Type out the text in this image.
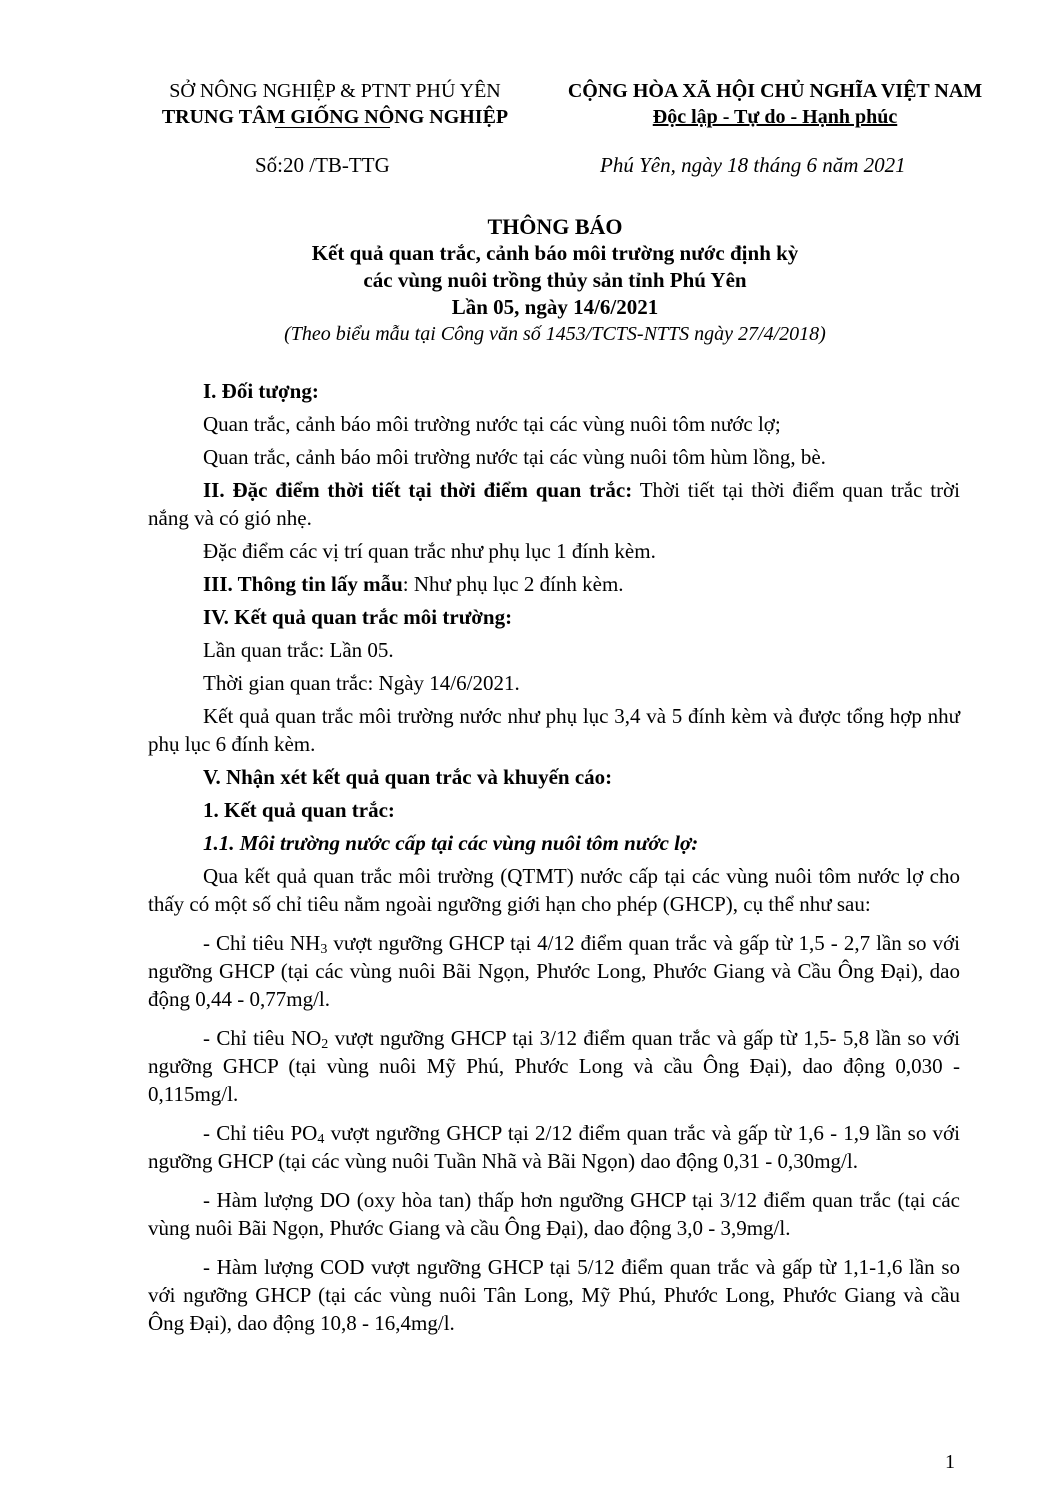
SỞ NÔNG NGHIỆP & PTNT PHÚ YÊN
TRUNG TÂM GIỐNG NÔNG NGHIỆP
CỘNG HÒA XÃ HỘI CHỦ NGHĨA VIỆT NAM
Độc lập - Tự do - Hạnh phúc
Số:20 /TB-TTG	Phú Yên, ngày 18 tháng 6 năm 2021
THÔNG BÁO
Kết quả quan trắc, cảnh báo môi trường nước định kỳ
các vùng nuôi trồng thủy sản tỉnh Phú Yên
Lần 05, ngày 14/6/2021
(Theo biểu mẫu tại Công văn số 1453/TCTS-NTTS ngày 27/4/2018)

I. Đối tượng:

Quan trắc, cảnh báo môi trường nước tại các vùng nuôi tôm nước lợ;

Quan trắc, cảnh báo môi trường nước tại các vùng nuôi tôm hùm lồng, bè.

II. Đặc điểm thời tiết tại thời điểm quan trắc: Thời tiết tại thời điểm quan trắc trời nắng và có gió nhẹ.

Đặc điểm các vị trí quan trắc như phụ lục 1 đính kèm.

III. Thông tin lấy mẫu: Như phụ lục 2 đính kèm.

IV. Kết quả quan trắc môi trường:

Lần quan trắc: Lần 05.

Thời gian quan trắc: Ngày 14/6/2021.

Kết quả quan trắc môi trường nước như phụ lục 3,4 và 5 đính kèm và được tổng hợp như phụ lục 6 đính kèm.

V. Nhận xét kết quả quan trắc và khuyến cáo:

1. Kết quả quan trắc:

1.1. Môi trường nước cấp tại các vùng nuôi tôm nước lợ:

Qua kết quả quan trắc môi trường (QTMT) nước cấp tại các vùng nuôi tôm nước lợ cho thấy có một số chỉ tiêu nằm ngoài ngưỡng giới hạn cho phép (GHCP), cụ thể như sau:

- Chỉ tiêu $NH_3$ vượt ngưỡng GHCP tại 4/12 điểm quan trắc và gấp từ 1,5 - 2,7 lần so với ngưỡng GHCP (tại các vùng nuôi Bãi Ngọn, Phước Long, Phước Giang và Cầu Ông Đại), dao động 0,44 - 0,77mg/l.

- Chỉ tiêu $NO_2$ vượt ngưỡng GHCP tại 3/12 điểm quan trắc và gấp từ 1,5- 5,8 lần so với ngưỡng GHCP (tại vùng nuôi Mỹ Phú, Phước Long và cầu Ông Đại), dao động 0,030 - 0,115mg/l.

- Chỉ tiêu $PO_4$ vượt ngưỡng GHCP tại 2/12 điểm quan trắc và gấp từ 1,6 - 1,9 lần so với ngưỡng GHCP (tại các vùng nuôi Tuần Nhã và Bãi Ngọn) dao động 0,31 - 0,30mg/l.

- Hàm lượng DO (oxy hòa tan) thấp hơn ngưỡng GHCP tại 3/12 điểm quan trắc (tại các vùng nuôi Bãi Ngọn, Phước Giang và cầu Ông Đại), dao động 3,0 - 3,9mg/l.

- Hàm lượng COD vượt ngưỡng GHCP tại 5/12 điểm quan trắc và gấp từ 1,1-1,6 lần so với ngưỡng GHCP (tại các vùng nuôi Tân Long, Mỹ Phú, Phước Long, Phước Giang và cầu Ông Đại), dao động 10,8 - 16,4mg/l.

1
